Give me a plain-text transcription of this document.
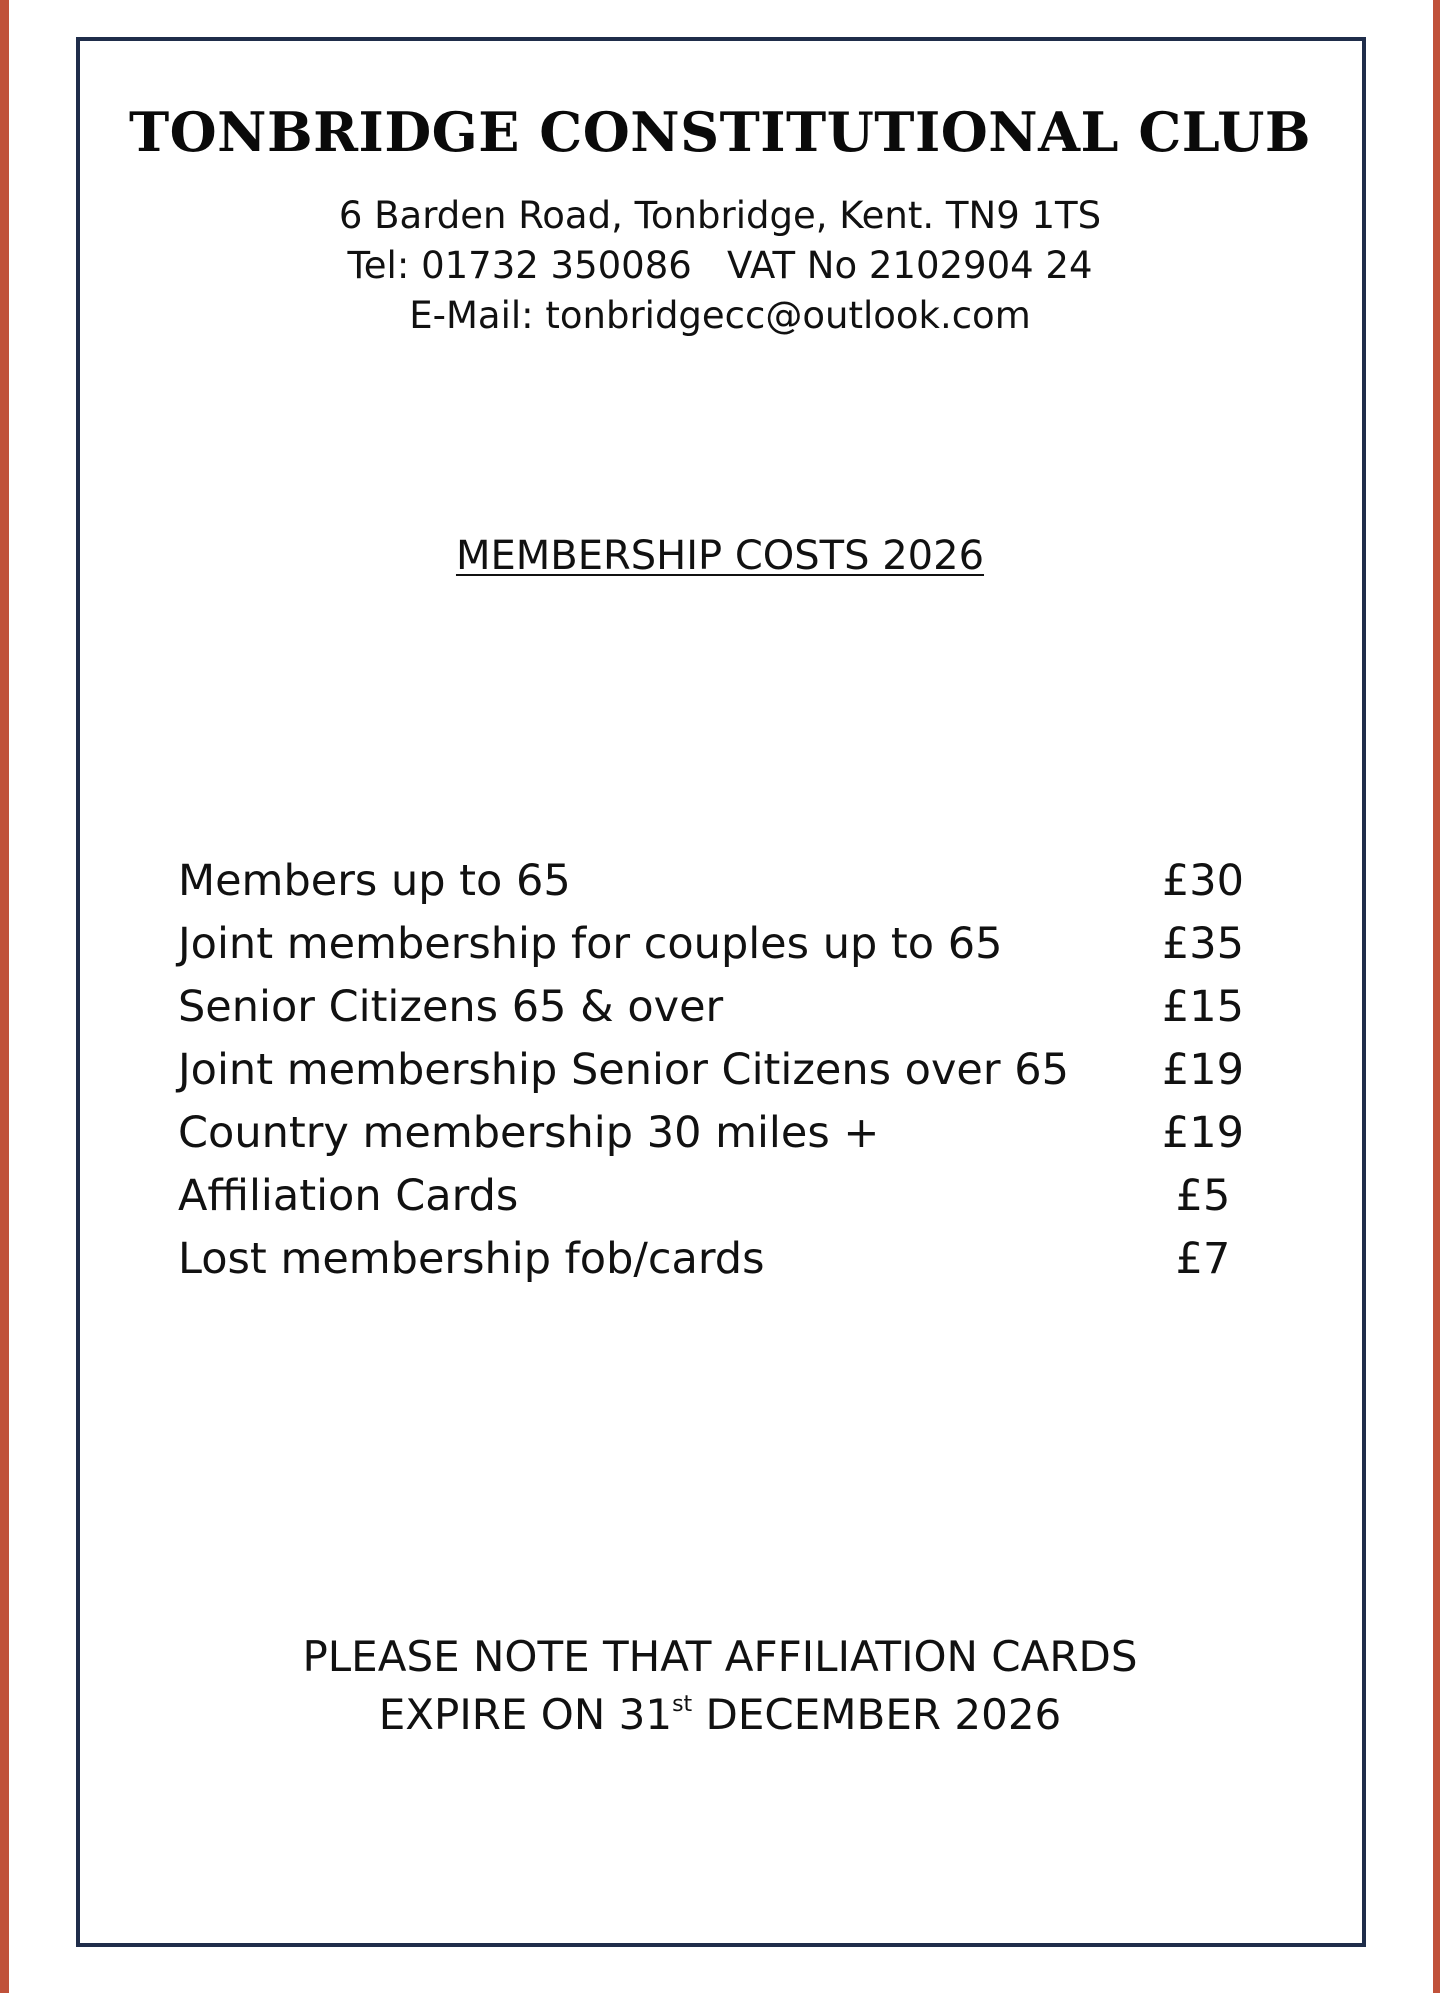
TONBRIDGE CONSTITUTIONAL CLUB
6 Barden Road, Tonbridge, Kent. TN9 1TS
Tel: 01732 350086   VAT No 2102904 24
E-Mail: tonbridgecc@outlook.com
MEMBERSHIP COSTS 2026
Members up to 65	£30
Joint membership for couples up to 65	£35
Senior Citizens 65 & over	£15
Joint membership Senior Citizens over 65	£19
Country membership 30 miles +	£19
Affiliation Cards	£5
Lost membership fob/cards	£7
PLEASE NOTE THAT AFFILIATION CARDS
EXPIRE ON 31st DECEMBER 2026
